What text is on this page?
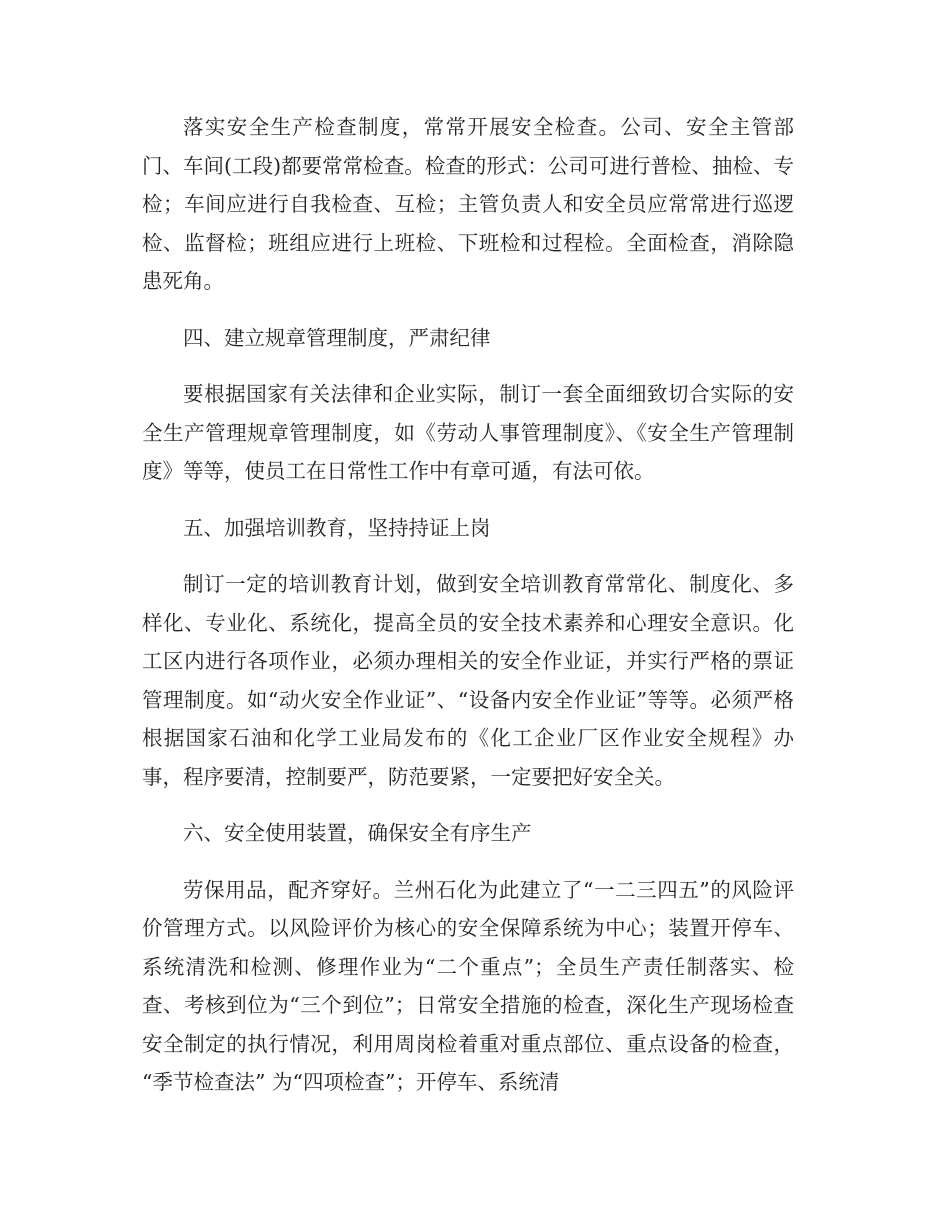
落实安全生产检查制度，常常开展安全检查。公司、安全主管部门、车间(工段)都要常常检查。检查的形式：公司可进行普检、抽检、专检；车间应进行自我检查、互检；主管负责人和安全员应常常进行巡逻检、监督检；班组应进行上班检、下班检和过程检。全面检查，消除隐患死角。

四、建立规章管理制度，严肃纪律

要根据国家有关法律和企业实际，制订一套全面细致切合实际的安全生产管理规章管理制度，如《劳动人事管理制度》、《安全生产管理制度》等等，使员工在日常性工作中有章可遁，有法可依。

五、加强培训教育，坚持持证上岗

制订一定的培训教育计划，做到安全培训教育常常化、制度化、多样化、专业化、系统化，提高全员的安全技术素养和心理安全意识。化工区内进行各项作业，必须办理相关的安全作业证，并实行严格的票证管理制度。如“动火安全作业证”、“设备内安全作业证”等等。必须严格根据国家石油和化学工业局发布的《化工企业厂区作业安全规程》办事，程序要清，控制要严，防范要紧，一定要把好安全关。

六、安全使用装置，确保安全有序生产

劳保用品，配齐穿好。兰州石化为此建立了“一二三四五”的风险评价管理方式。以风险评价为核心的安全保障系统为中心；装置开停车、系统清洗和检测、修理作业为“二个重点”；全员生产责任制落实、检查、考核到位为“三个到位”；日常安全措施的检查，深化生产现场检查安全制定的执行情况，利用周岗检着重对重点部位、重点设备的检查， “季节检查法” 为“四项检查”；开停车、系统清
